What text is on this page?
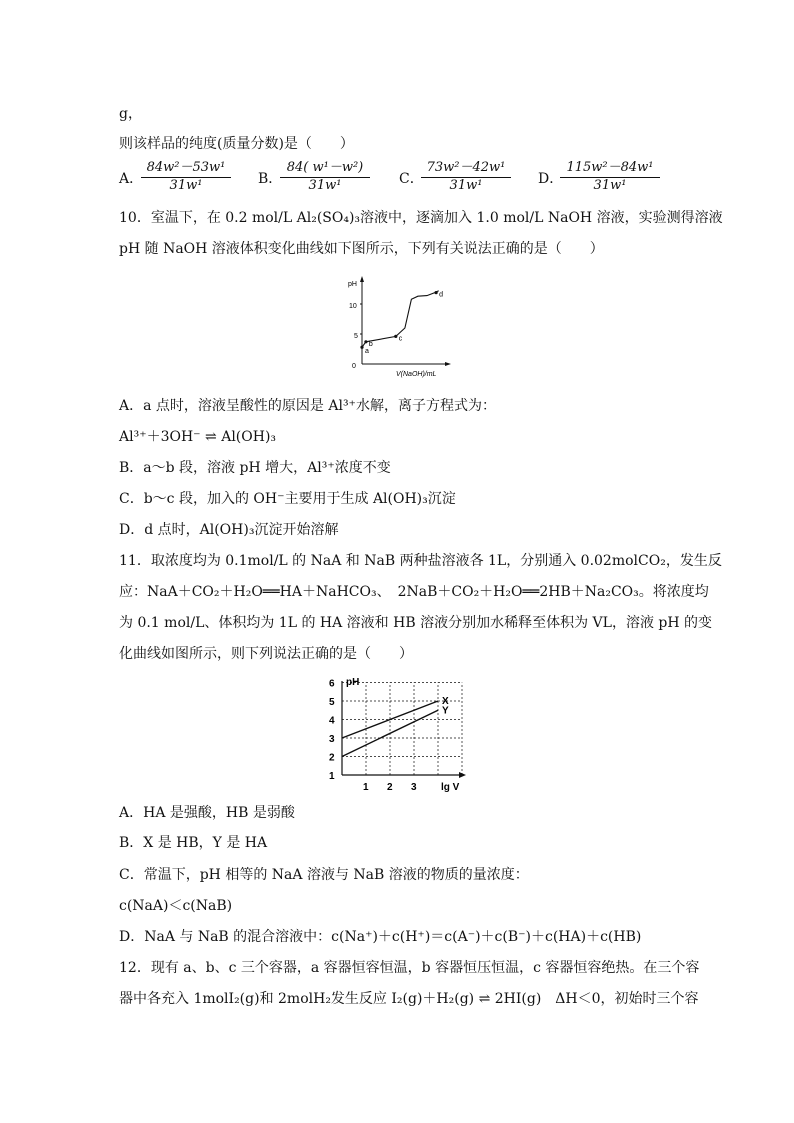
g，
则该样品的纯度(质量分数)是（　　）
A．
$\frac{\text{84w²－53w¹}}{\text{31w¹}}$ B．
$\frac{\text{84( w¹－w²)}}{\text{31w¹}}$ C．
$\frac{\text{73w²－42w¹}}{\text{31w¹}}$ D．
$\frac{\text{115w²－84w¹}}{\text{31w¹}}$
10．室温下，在 0.2 mol/L Al₂(SO₄)₃溶液中，逐滴加入 1.0 mol/L NaOH 溶液，实验测得溶液
pH 随 NaOH 溶液体积变化曲线如下图所示，下列有关说法正确的是（　　）
pH
0
5
10
a
b
c
d
V(NaOH)/mL
A．a 点时，溶液呈酸性的原因是 Al³⁺水解，离子方程式为：
Al³⁺＋3OH⁻ ⇌ Al(OH)₃
B．a～b 段，溶液 pH 增大，Al³⁺浓度不变
C．b～c 段，加入的 OH⁻主要用于生成 Al(OH)₃沉淀
D．d 点时，Al(OH)₃沉淀开始溶解
11．取浓度均为 0.1mol/L 的 NaA 和 NaB 两种盐溶液各 1L，分别通入 0.02molCO₂，发生反
应：NaA＋CO₂＋H₂O══HA＋NaHCO₃、　2NaB＋CO₂＋H₂O══2HB＋Na₂CO₃。将浓度均
为 0.1 mol/L、体积均为 1L 的 HA 溶液和 HB 溶液分别加水稀释至体积为 VL，溶液 pH 的变
化曲线如图所示，则下列说法正确的是（　　）
pH
lg V
1
2
3
4
5
6
1 2 3
X
Y
A．HA 是强酸，HB 是弱酸
B．X 是 HB，Y 是 HA
C．常温下，pH 相等的 NaA 溶液与 NaB 溶液的物质的量浓度：
c(NaA)＜c(NaB)
D．NaA 与 NaB 的混合溶液中：c(Na⁺)＋c(H⁺)＝c(A⁻)＋c(B⁻)＋c(HA)＋c(HB)
12．现有 a、b、c 三个容器，a 容器恒容恒温，b 容器恒压恒温，c 容器恒容绝热。在三个容
器中各充入 1molI₂(g)和 2molH₂发生反应 I₂(g)＋H₂(g) ⇌ 2HI(g)　ΔH＜0，初始时三个容
